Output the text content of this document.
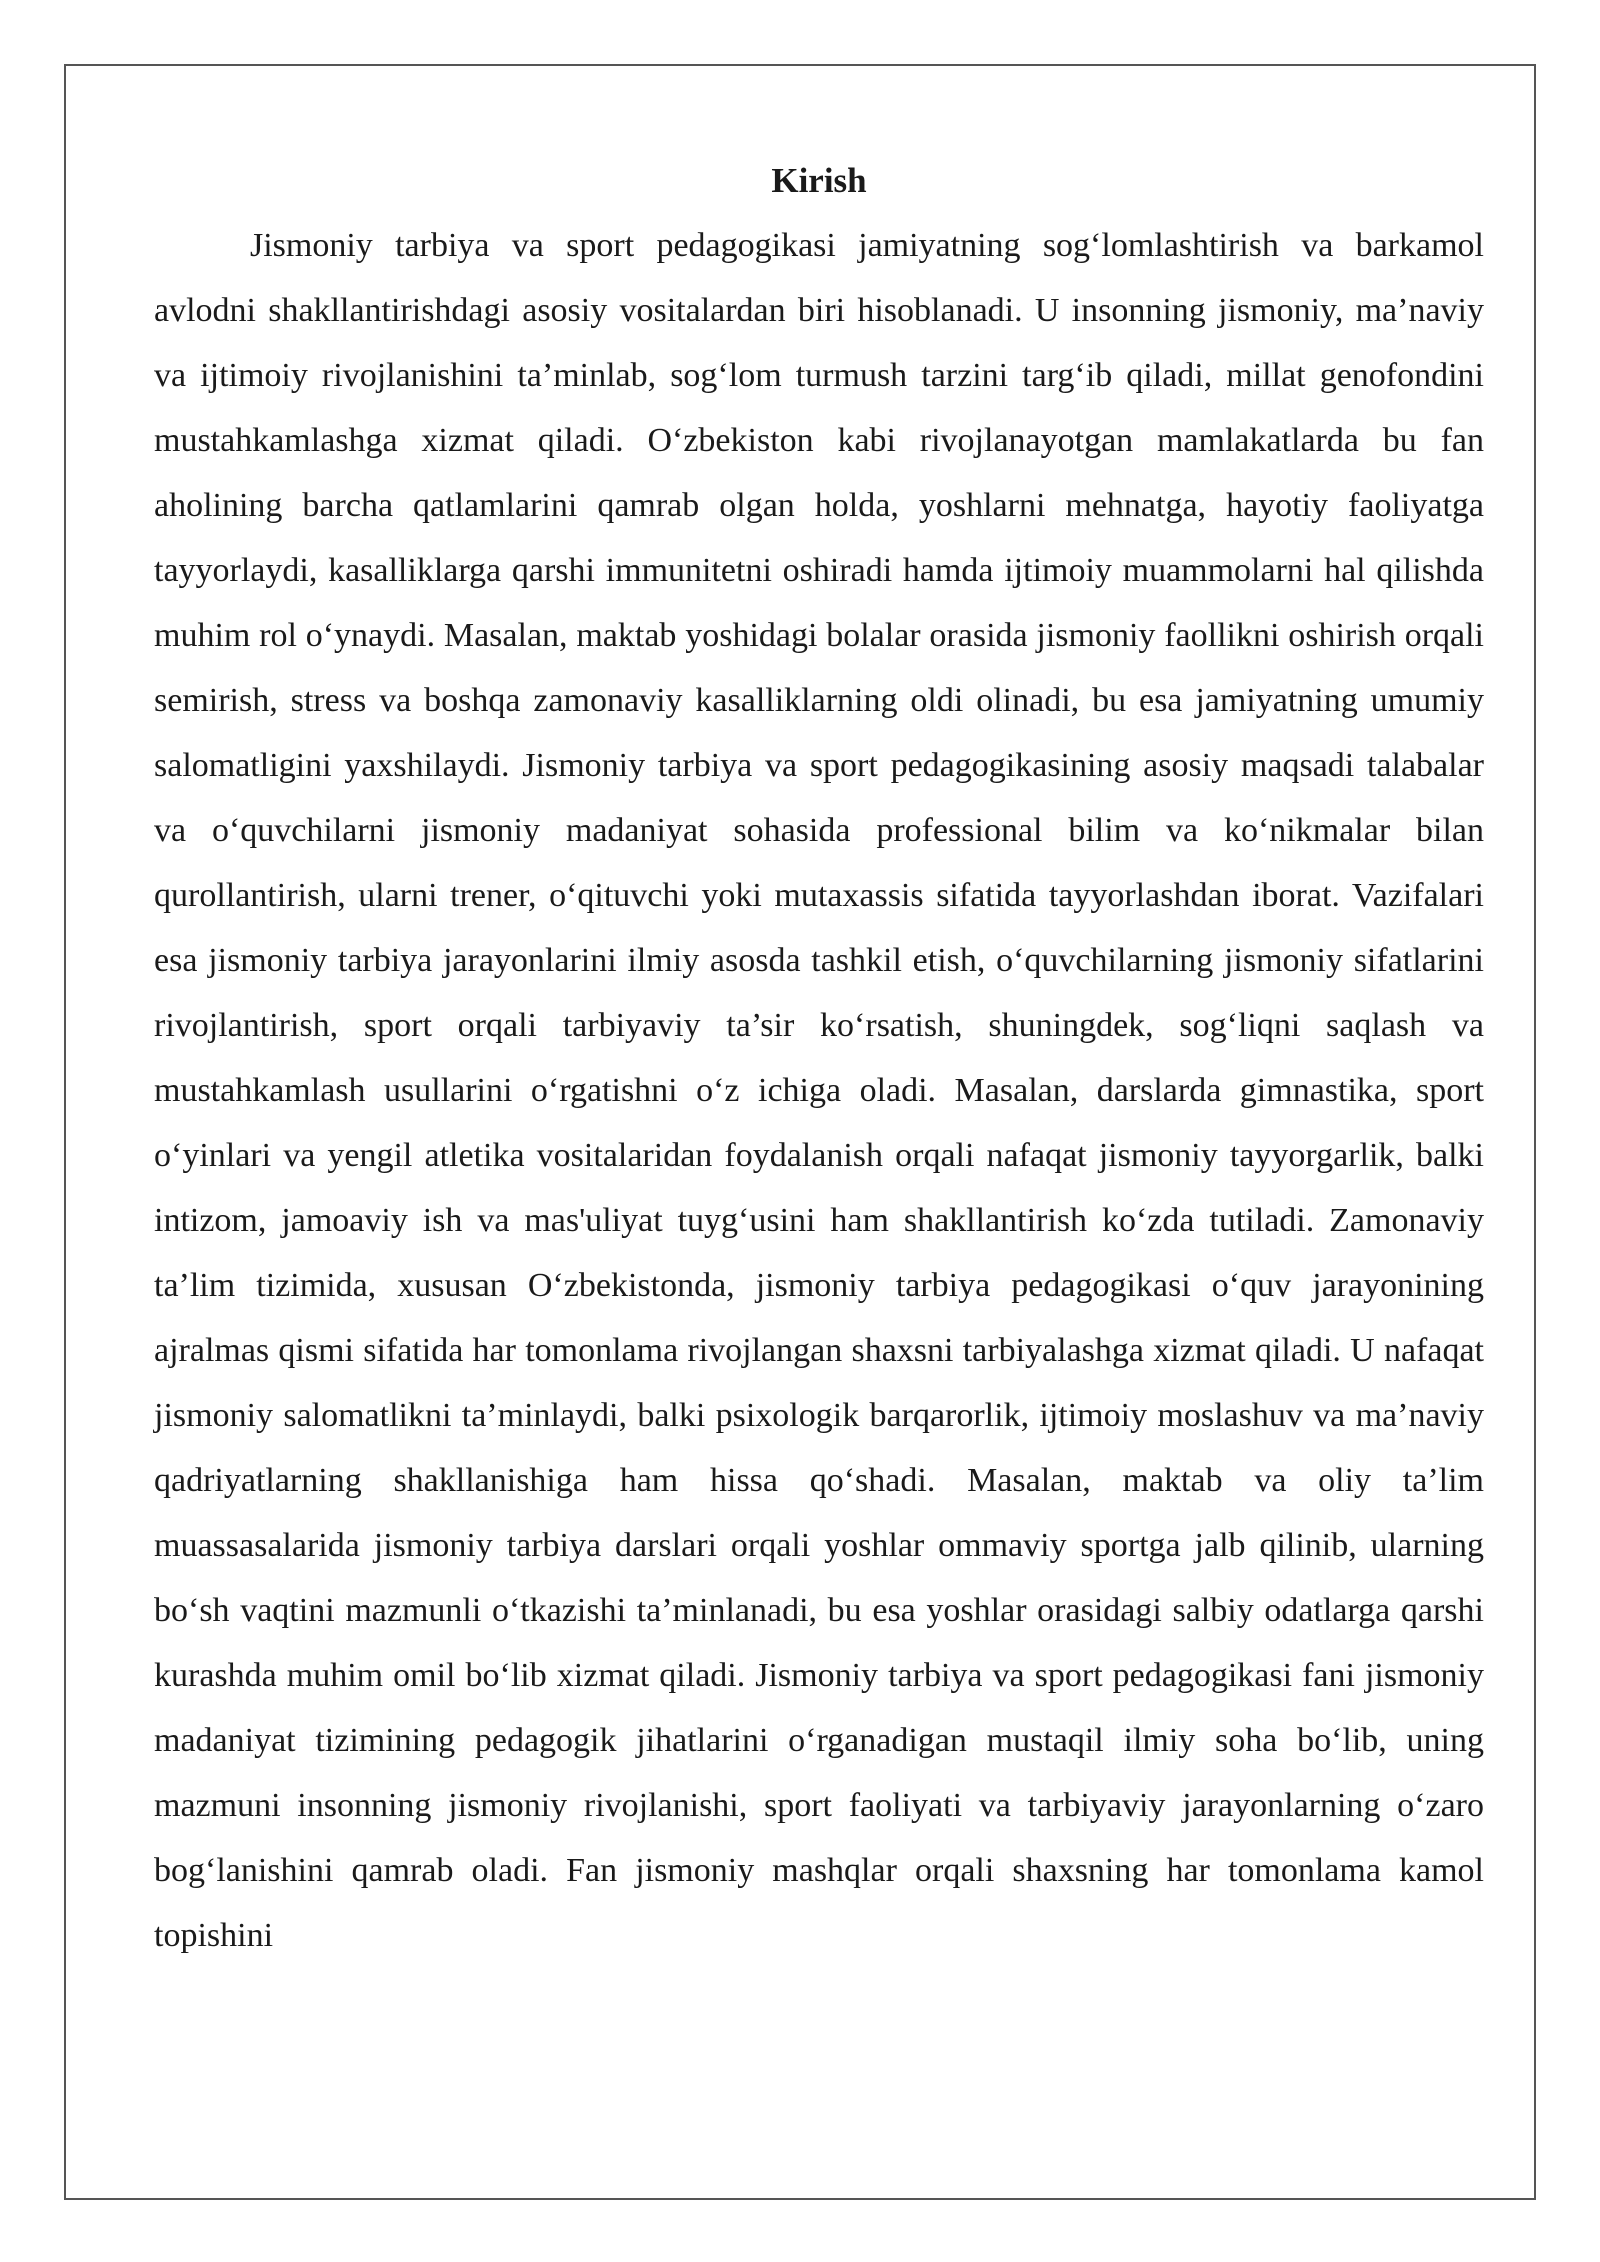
Kirish

Jismoniy tarbiya va sport pedagogikasi jamiyatning sog‘lomlashtirish va barkamol avlodni shakllantirishdagi asosiy vositalardan biri hisoblanadi. U insonning jismoniy, ma’naviy va ijtimoiy rivojlanishini ta’minlab, sog‘lom turmush tarzini targ‘ib qiladi, millat genofondini mustahkamlashga xizmat qiladi. O‘zbekiston kabi rivojlanayotgan mamlakatlarda bu fan aholining barcha qatlamlarini qamrab olgan holda, yoshlarni mehnatga, hayotiy faoliyatga tayyorlaydi, kasalliklarga qarshi immunitetni oshiradi hamda ijtimoiy muammolarni hal qilishda muhim rol o‘ynaydi. Masalan, maktab yoshidagi bolalar orasida jismoniy faollikni oshirish orqali semirish, stress va boshqa zamonaviy kasalliklarning oldi olinadi, bu esa jamiyatning umumiy salomatligini yaxshilaydi. Jismoniy tarbiya va sport pedagogikasining asosiy maqsadi talabalar va o‘quvchilarni jismoniy madaniyat sohasida professional bilim va ko‘nikmalar bilan qurollantirish, ularni trener, o‘qituvchi yoki mutaxassis sifatida tayyorlashdan iborat. Vazifalari esa jismoniy tarbiya jarayonlarini ilmiy asosda tashkil etish, o‘quvchilarning jismoniy sifatlarini rivojlantirish, sport orqali tarbiyaviy ta’sir ko‘rsatish, shuningdek, sog‘liqni saqlash va mustahkamlash usullarini o‘rgatishni o‘z ichiga oladi. Masalan, darslarda gimnastika, sport o‘yinlari va yengil atletika vositalaridan foydalanish orqali nafaqat jismoniy tayyorgarlik, balki intizom, jamoaviy ish va mas'uliyat tuyg‘usini ham shakllantirish ko‘zda tutiladi. Zamonaviy ta’lim tizimida, xususan O‘zbekistonda, jismoniy tarbiya pedagogikasi o‘quv jarayonining ajralmas qismi sifatida har tomonlama rivojlangan shaxsni tarbiyalashga xizmat qiladi. U nafaqat jismoniy salomatlikni ta’minlaydi, balki psixologik barqarorlik, ijtimoiy moslashuv va ma’naviy qadriyatlarning shakllanishiga ham hissa qo‘shadi. Masalan, maktab va oliy ta’lim muassasalarida jismoniy tarbiya darslari orqali yoshlar ommaviy sportga jalb qilinib, ularning bo‘sh vaqtini mazmunli o‘tkazishi ta’minlanadi, bu esa yoshlar orasidagi salbiy odatlarga qarshi kurashda muhim omil bo‘lib xizmat qiladi. Jismoniy tarbiya va sport pedagogikasi fani jismoniy madaniyat tizimining pedagogik jihatlarini o‘rganadigan mustaqil ilmiy soha bo‘lib, uning mazmuni insonning jismoniy rivojlanishi, sport faoliyati va tarbiyaviy jarayonlarning o‘zaro bog‘lanishini qamrab oladi. Fan jismoniy mashqlar orqali shaxsning har tomonlama kamol topishini
